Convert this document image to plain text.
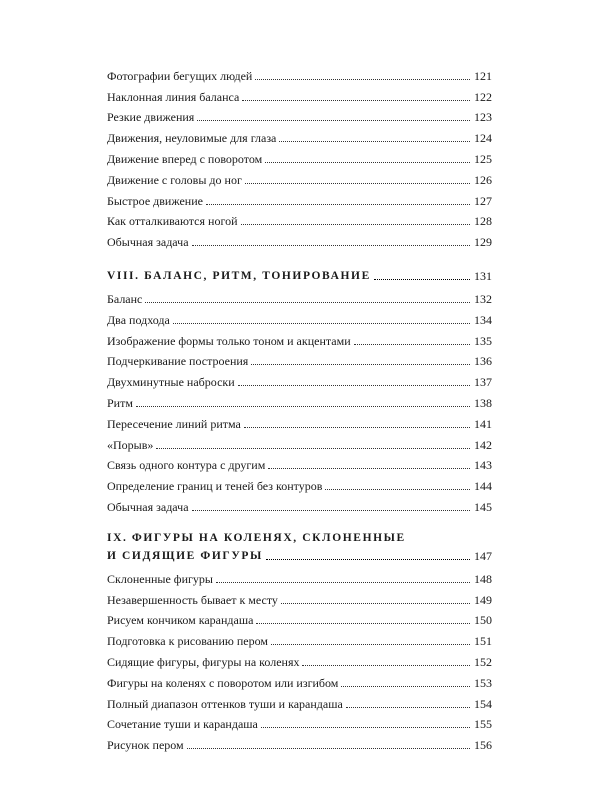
Фотографии бегущих людей	121
Наклонная линия баланса	122
Резкие движения	123
Движения, неуловимые для глаза	124
Движение вперед с поворотом	125
Движение с головы до ног	126
Быстрое движение	127
Как отталкиваются ногой	128
Обычная задача	129
VIII. БАЛАНС, РИТМ, ТОНИРОВАНИЕ	131
Баланс	132
Два подхода	134
Изображение формы только тоном и акцентами	135
Подчеркивание построения	136
Двухминутные наброски	137
Ритм	138
Пересечение линий ритма	141
«Порыв»	142
Связь одного контура с другим	143
Определение границ и теней без контуров	144
Обычная задача	145
IX. ФИГУРЫ НА КОЛЕНЯХ, СКЛОНЕННЫЕ
И СИДЯЩИЕ ФИГУРЫ	147
Склоненные фигуры	148
Незавершенность бывает к месту	149
Рисуем кончиком карандаша	150
Подготовка к рисованию пером	151
Сидящие фигуры, фигуры на коленях	152
Фигуры на коленях с поворотом или изгибом	153
Полный диапазон оттенков туши и карандаша	154
Сочетание туши и карандаша	155
Рисунок пером	156
